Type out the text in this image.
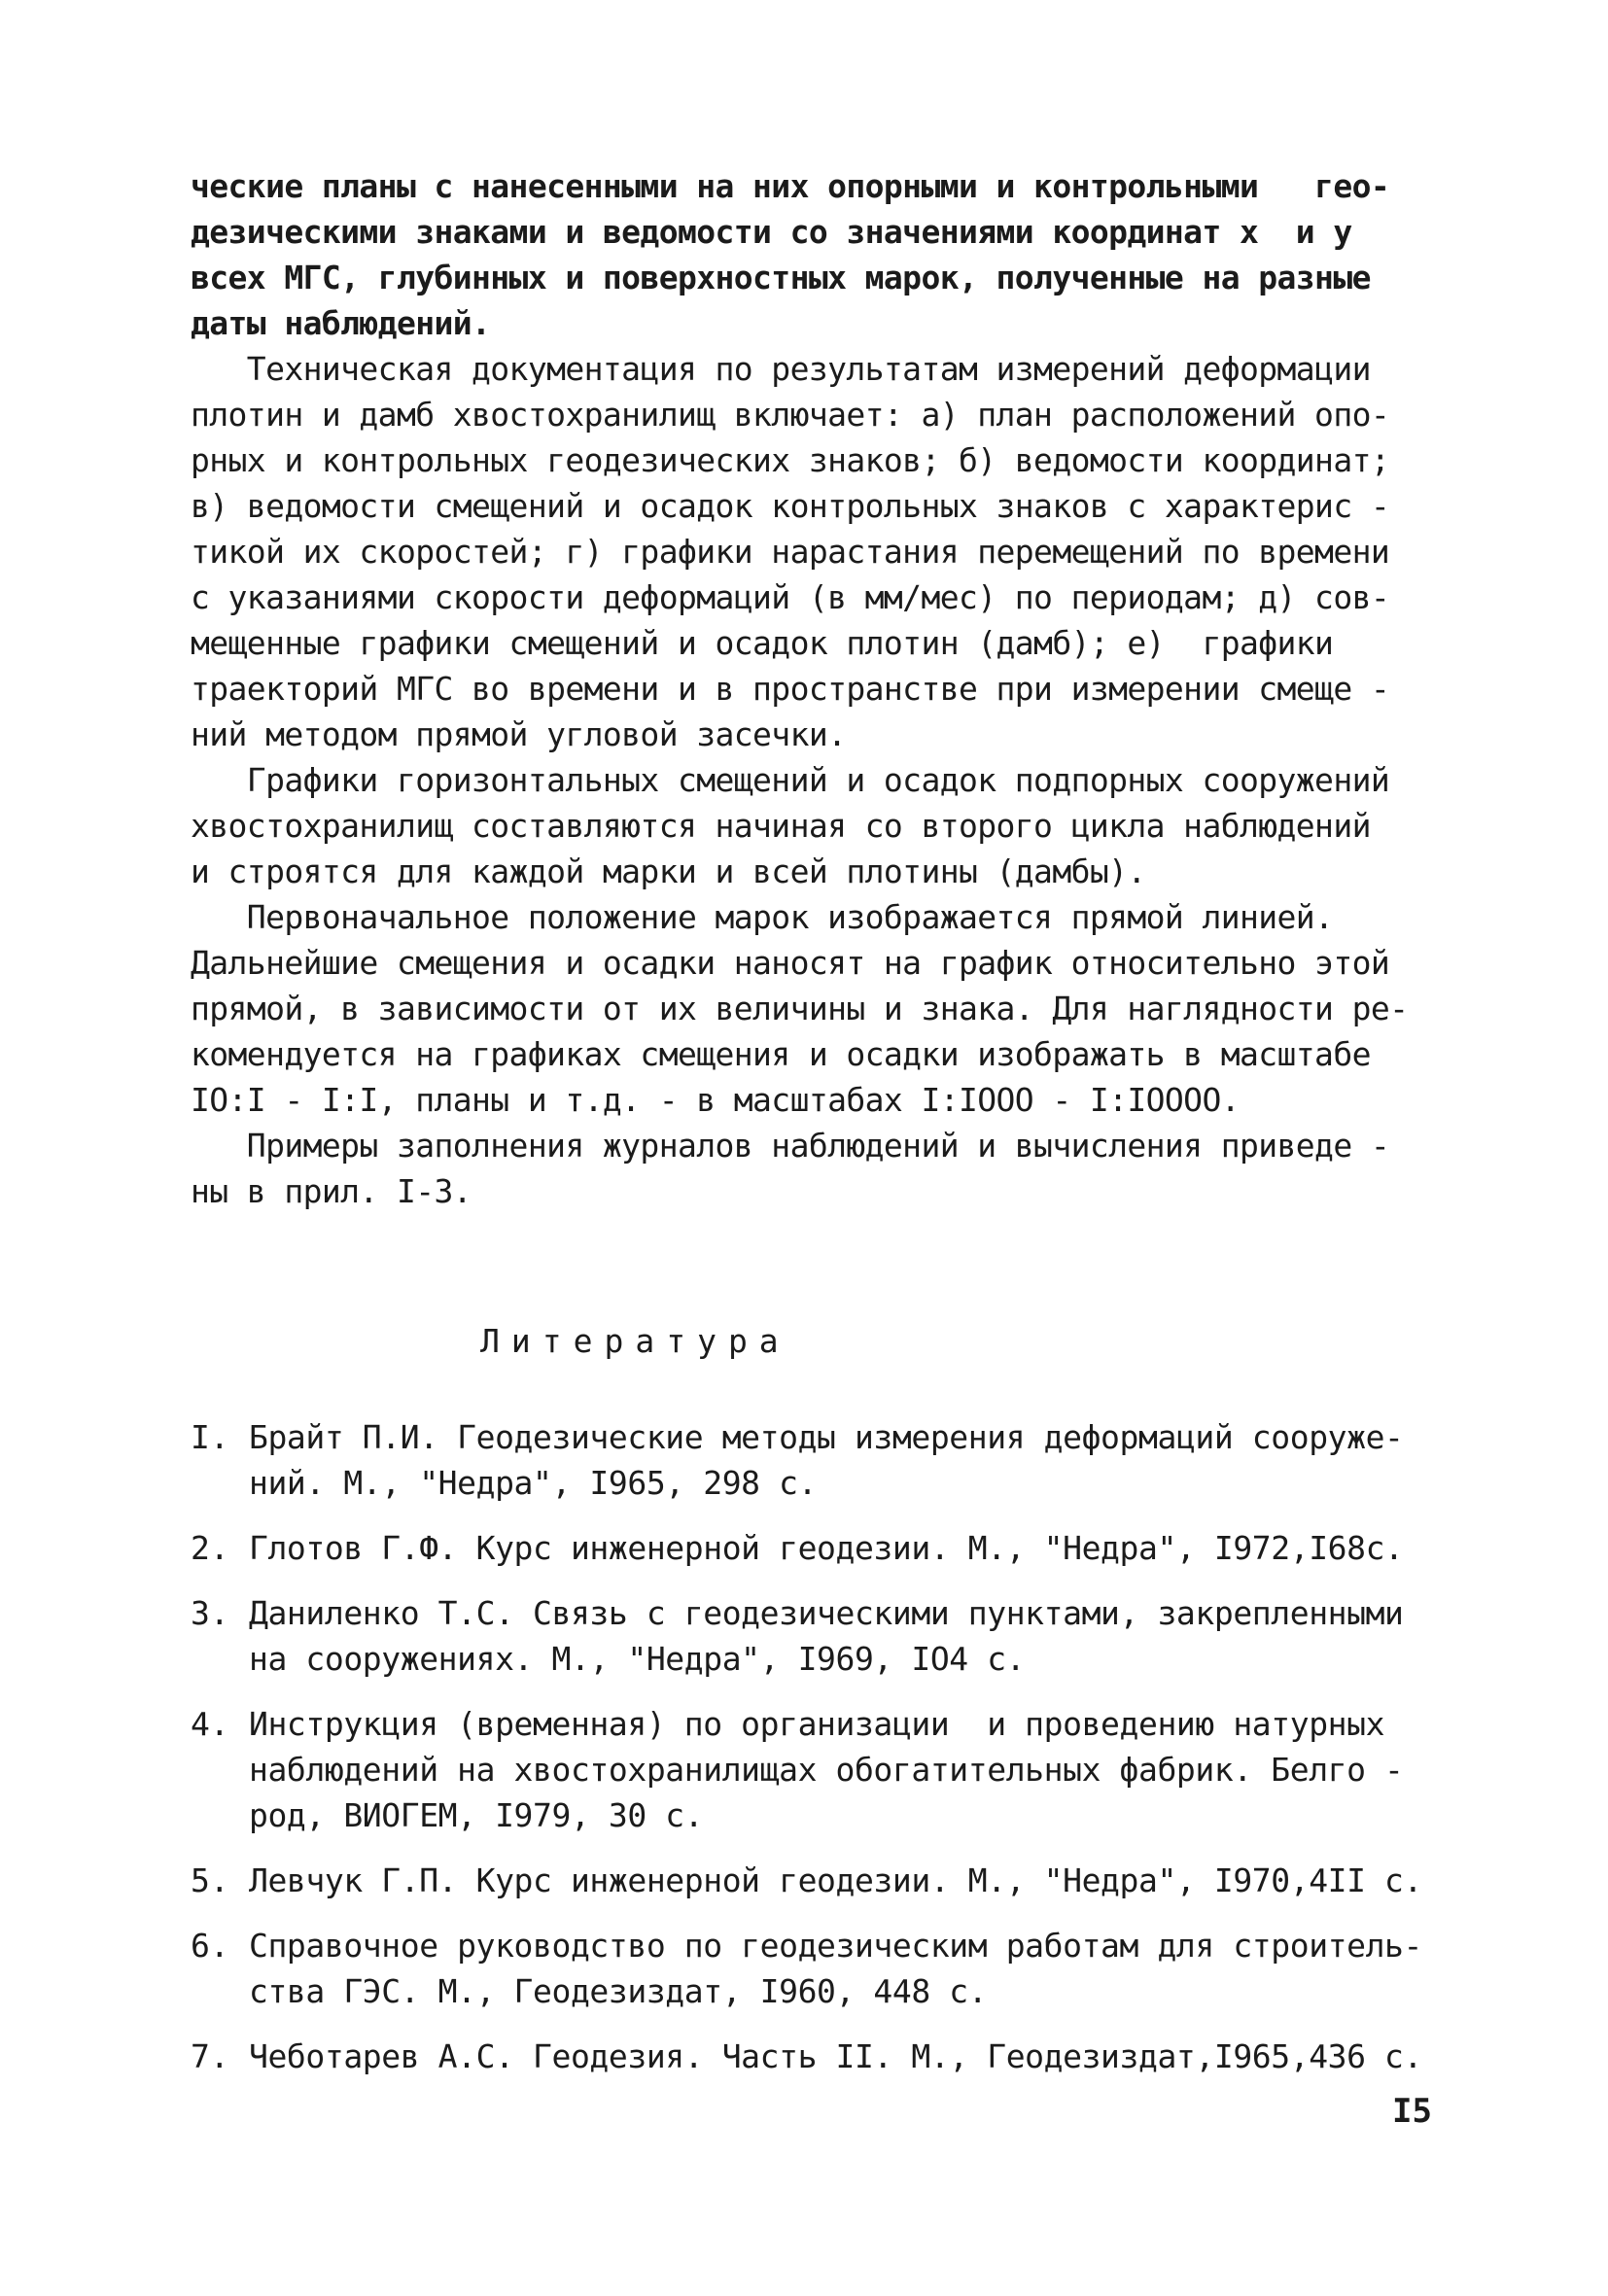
ческие планы с нанесенными на них опорными и контрольными   гео-
дезическими знаками и ведомости со значениями координат х  и у
всех МГС, глубинных и поверхностных марок, полученные на разные
даты наблюдений.
Техническая документация по результатам измерений деформации
плотин и дамб хвостохранилищ включает: а) план расположений опо-
рных и контрольных геодезических знаков; б) ведомости координат;
в) ведомости смещений и осадок контрольных знаков с характерис -
тикой их скоростей; г) графики нарастания перемещений по времени
с указаниями скорости деформаций (в мм/мес) по периодам; д) сов-
мещенные графики смещений и осадок плотин (дамб); е)  графики
траекторий МГС во времени и в пространстве при измерении смеще -
ний методом прямой угловой засечки.
Графики горизонтальных смещений и осадок подпорных сооружений
хвостохранилищ составляются начиная со второго цикла наблюдений
и строятся для каждой марки и всей плотины (дамбы).
Первоначальное положение марок изображается прямой линией.
Дальнейшие смещения и осадки наносят на график относительно этой
прямой, в зависимости от их величины и знака. Для наглядности ре-
комендуется на графиках смещения и осадки изображать в масштабе
IO:I - I:I, планы и т.д. - в масштабах I:IOOO - I:IOOOO.
Примеры заполнения журналов наблюдений и вычисления приведе -
ны в прил. I-3.
Литература
I. Брайт П.И. Геодезические методы измерения деформаций сооруже-
ний. М., "Недра", I965, 298 с.
2. Глотов Г.Ф. Курс инженерной геодезии. М., "Недра", I972,I68с.
3. Даниленко Т.С. Связь с геодезическими пунктами, закрепленными
на сооружениях. М., "Недра", I969, IO4 с.
4. Инструкция (временная) по организации  и проведению натурных
наблюдений на хвостохранилищах обогатительных фабрик. Белго -
род, ВИОГЕМ, I979, 30 с.
5. Левчук Г.П. Курс инженерной геодезии. М., "Недра", I970,4II с.
6. Справочное руководство по геодезическим работам для строитель-
ства ГЭС. М., Геодезиздат, I960, 448 с.
7. Чеботарев А.С. Геодезия. Часть II. М., Геодезиздат,I965,436 с.
I5
